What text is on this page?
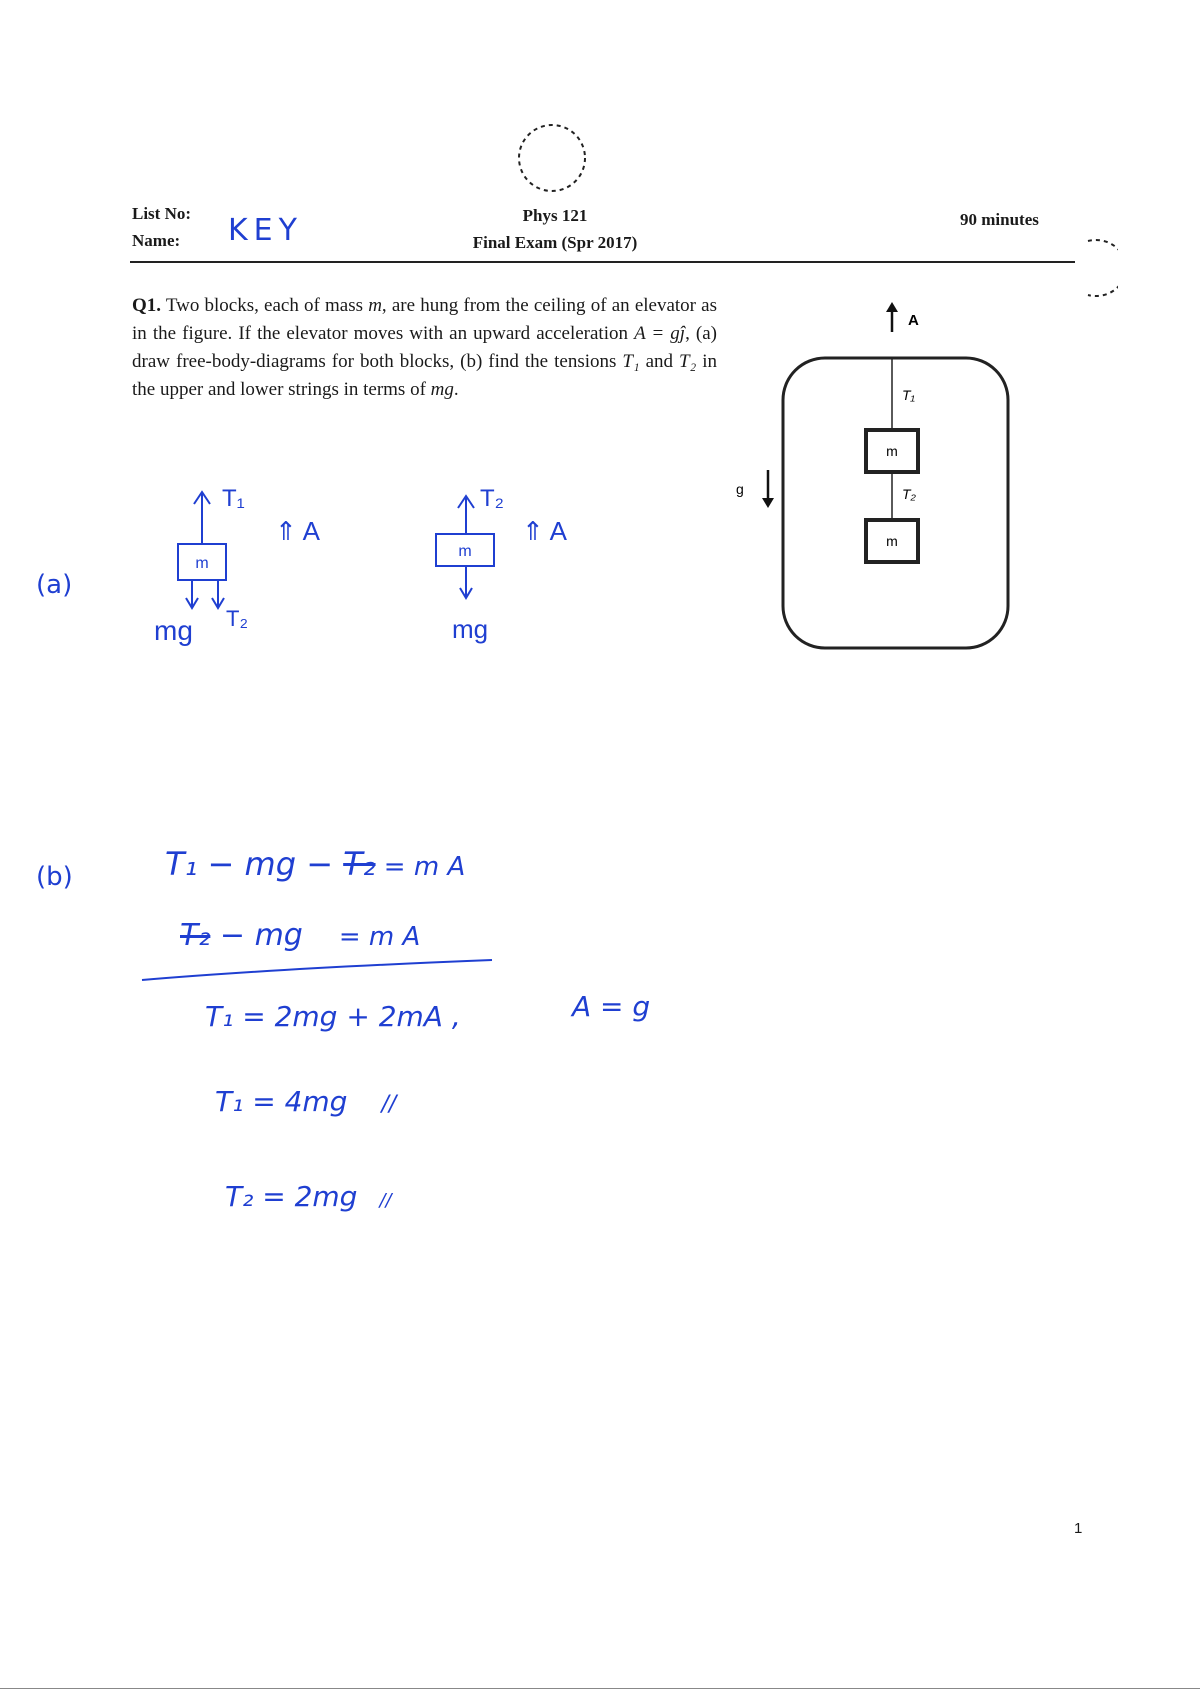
List No:
Name: KEY	Phys 121
Final Exam (Spr 2017)
90 minutes
Q1. Two blocks, each of mass m, are hung from the ceiling of an elevator as in the figure. If the elevator moves with an upward acceleration A = gĵ, (a) draw free-body-diagrams for both blocks, (b) find the tensions T₁ and T₂ in the upper and lower strings in terms of mg.
A
T₁
m
T₂
m
g
(a)
T₁
m
⇑ A
mg T₂
T₂
m
⇑ A
mg
(b)	T₁ − mg − T₂ = m A
T₂ − mg = m A
T₁ = 2mg + 2mA ,	A = g
T₁ = 4mg //
T₂ = 2mg //
1
